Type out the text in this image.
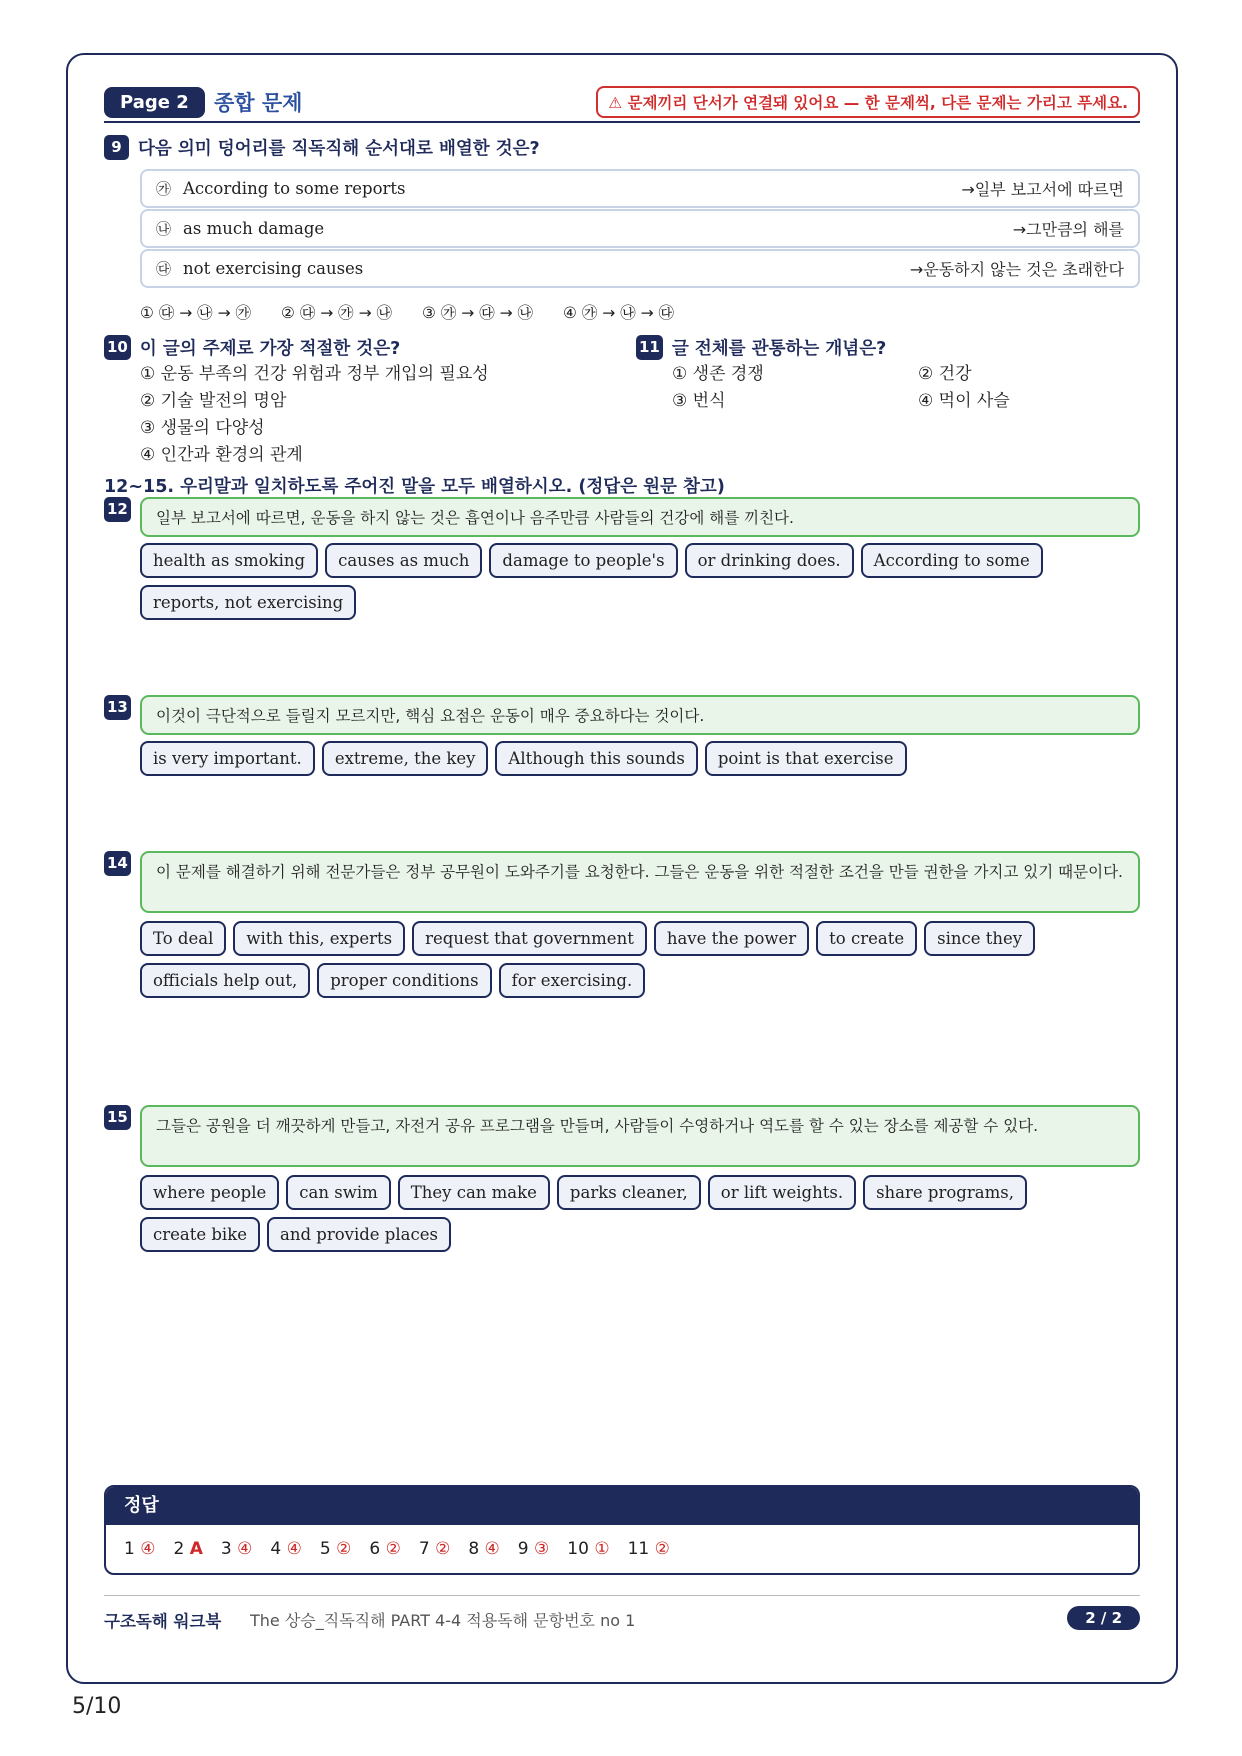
Page 2	종합 문제	⚠ 문제끼리 단서가 연결돼 있어요 — 한 문제씩, 다른 문제는 가리고 푸세요.
9 다음 의미 덩어리를 직독직해 순서대로 배열한 것은?
㉮ According to some reports	→일부 보고서에 따르면
㉯ as much damage	→그만큼의 해를
㉰ not exercising causes	→운동하지 않는 것은 초래한다
① ㉰ → ㉯ → ㉮ ② ㉰ → ㉮ → ㉯ ③ ㉮ → ㉰ → ㉯ ④ ㉮ → ㉯ → ㉰
10 이 글의 주제로 가장 적절한 것은?
① 운동 부족의 건강 위험과 정부 개입의 필요성
② 기술 발전의 명암
③ 생물의 다양성
④ 인간과 환경의 관계
11 글 전체를 관통하는 개념은?
① 생존 경쟁	② 건강
③ 번식	④ 먹이 사슬
12~15. 우리말과 일치하도록 주어진 말을 모두 배열하시오. (정답은 원문 참고)
12	일부 보고서에 따르면, 운동을 하지 않는 것은 흡연이나 음주만큼 사람들의 건강에 해를 끼친다.
health as smoking	causes as much	damage to people's	or drinking does.	According to some
reports, not exercising
13	이것이 극단적으로 들릴지 모르지만, 핵심 요점은 운동이 매우 중요하다는 것이다.
is very important.	extreme, the key	Although this sounds	point is that exercise
14	이 문제를 해결하기 위해 전문가들은 정부 공무원이 도와주기를 요청한다. 그들은 운동을 위한 적절한 조건을 만들 권한을 가지고 있기 때문이다.
To deal	with this, experts	request that government	have the power	to create	since they
officials help out,	proper conditions	for exercising.
15	그들은 공원을 더 깨끗하게 만들고, 자전거 공유 프로그램을 만들며, 사람들이 수영하거나 역도를 할 수 있는 장소를 제공할 수 있다.
where people	can swim	They can make	parks cleaner,	or lift weights.	share programs,
create bike	and provide places
정답
1 ④ 2 A 3 ④ 4 ④ 5 ② 6 ② 7 ② 8 ④ 9 ③ 10 ① 11 ②
구조독해 워크북 The 상승_직독직해 PART 4-4 적용독해 문항번호 no 1	2 / 2
5/10
